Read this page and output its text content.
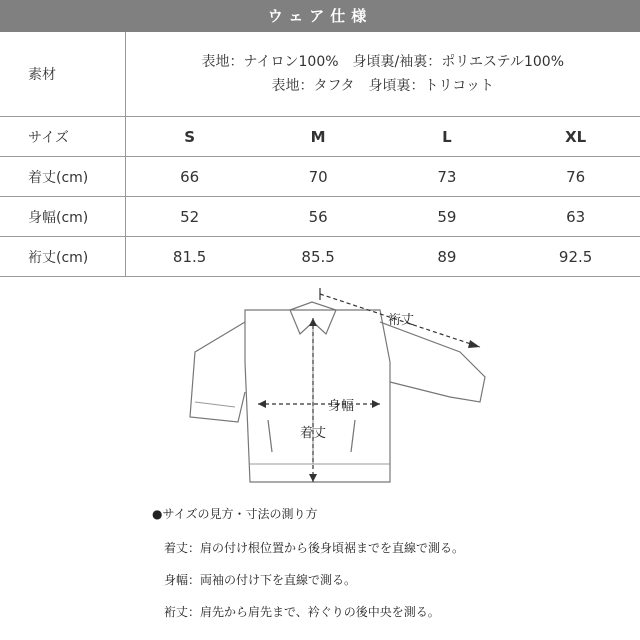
ウェア仕様
素材	表地：ナイロン100%　身頃裏/袖裏：ポリエステル100%
表地：タフタ　身頃裏：トリコット			

サイズ	S	M	L	XL
着丈(cm)	66	70	73	76
身幅(cm)	52	56	59	63
裄丈(cm)	81.5	85.5	89	92.5
裄丈
身幅
着丈
●サイズの見方・寸法の測り方
着丈：肩の付け根位置から後身頃裾までを直線で測る。
身幅：両袖の付け下を直線で測る。
裄丈：肩先から肩先まで、衿ぐりの後中央を測る。
